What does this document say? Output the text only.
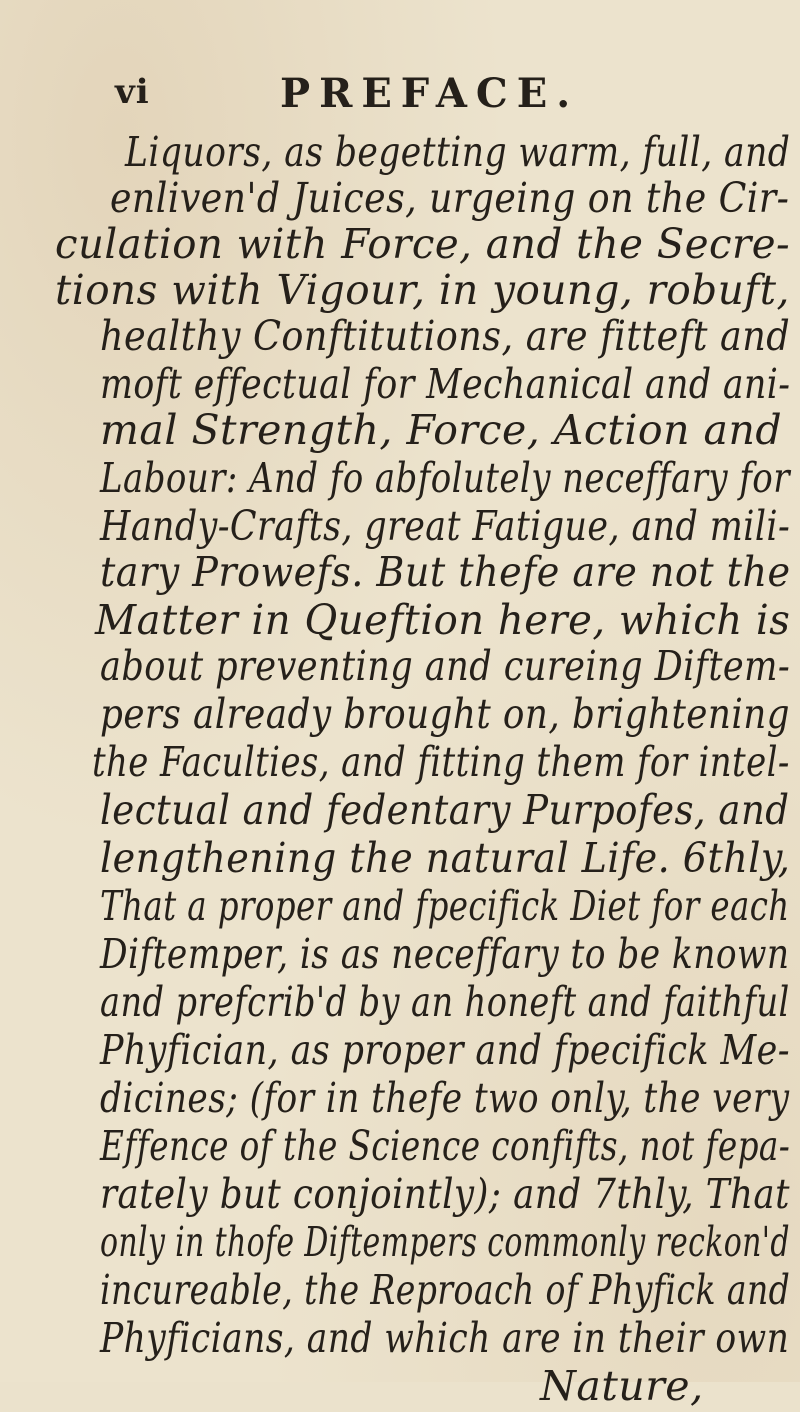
vi	PREFACE.
Liquors, as begetting warm, full, and
enliven'd Juices, urgeing on the Cir-
culation with Force, and the Secre-
tions with Vigour, in young, robuft,
healthy Conftitutions, are fitteft and
moft effectual for Mechanical and ani-
mal Strength, Force, Action and
Labour: And fo abfolutely neceffary for
Handy-Crafts, great Fatigue, and mili-
tary Prowefs. But thefe are not the
Matter in Queftion here, which is
about preventing and cureing Diftem-
pers already brought on, brightening
the Faculties, and fitting them for intel-
lectual and fedentary Purpofes, and
lengthening the natural Life. 6thly,
That a proper and fpecifick Diet for each
Diftemper, is as neceffary to be known
and prefcrib'd by an honeft and faithful
Phyfician, as proper and fpecifick Me-
dicines; (for in thefe two only, the very
Effence of the Science confifts, not fepa-
rately but conjointly); and 7thly, That
only in thofe Diftempers commonly reckon'd
incureable, the Reproach of Phyfick and
Phyficians, and which are in their own
Nature,
